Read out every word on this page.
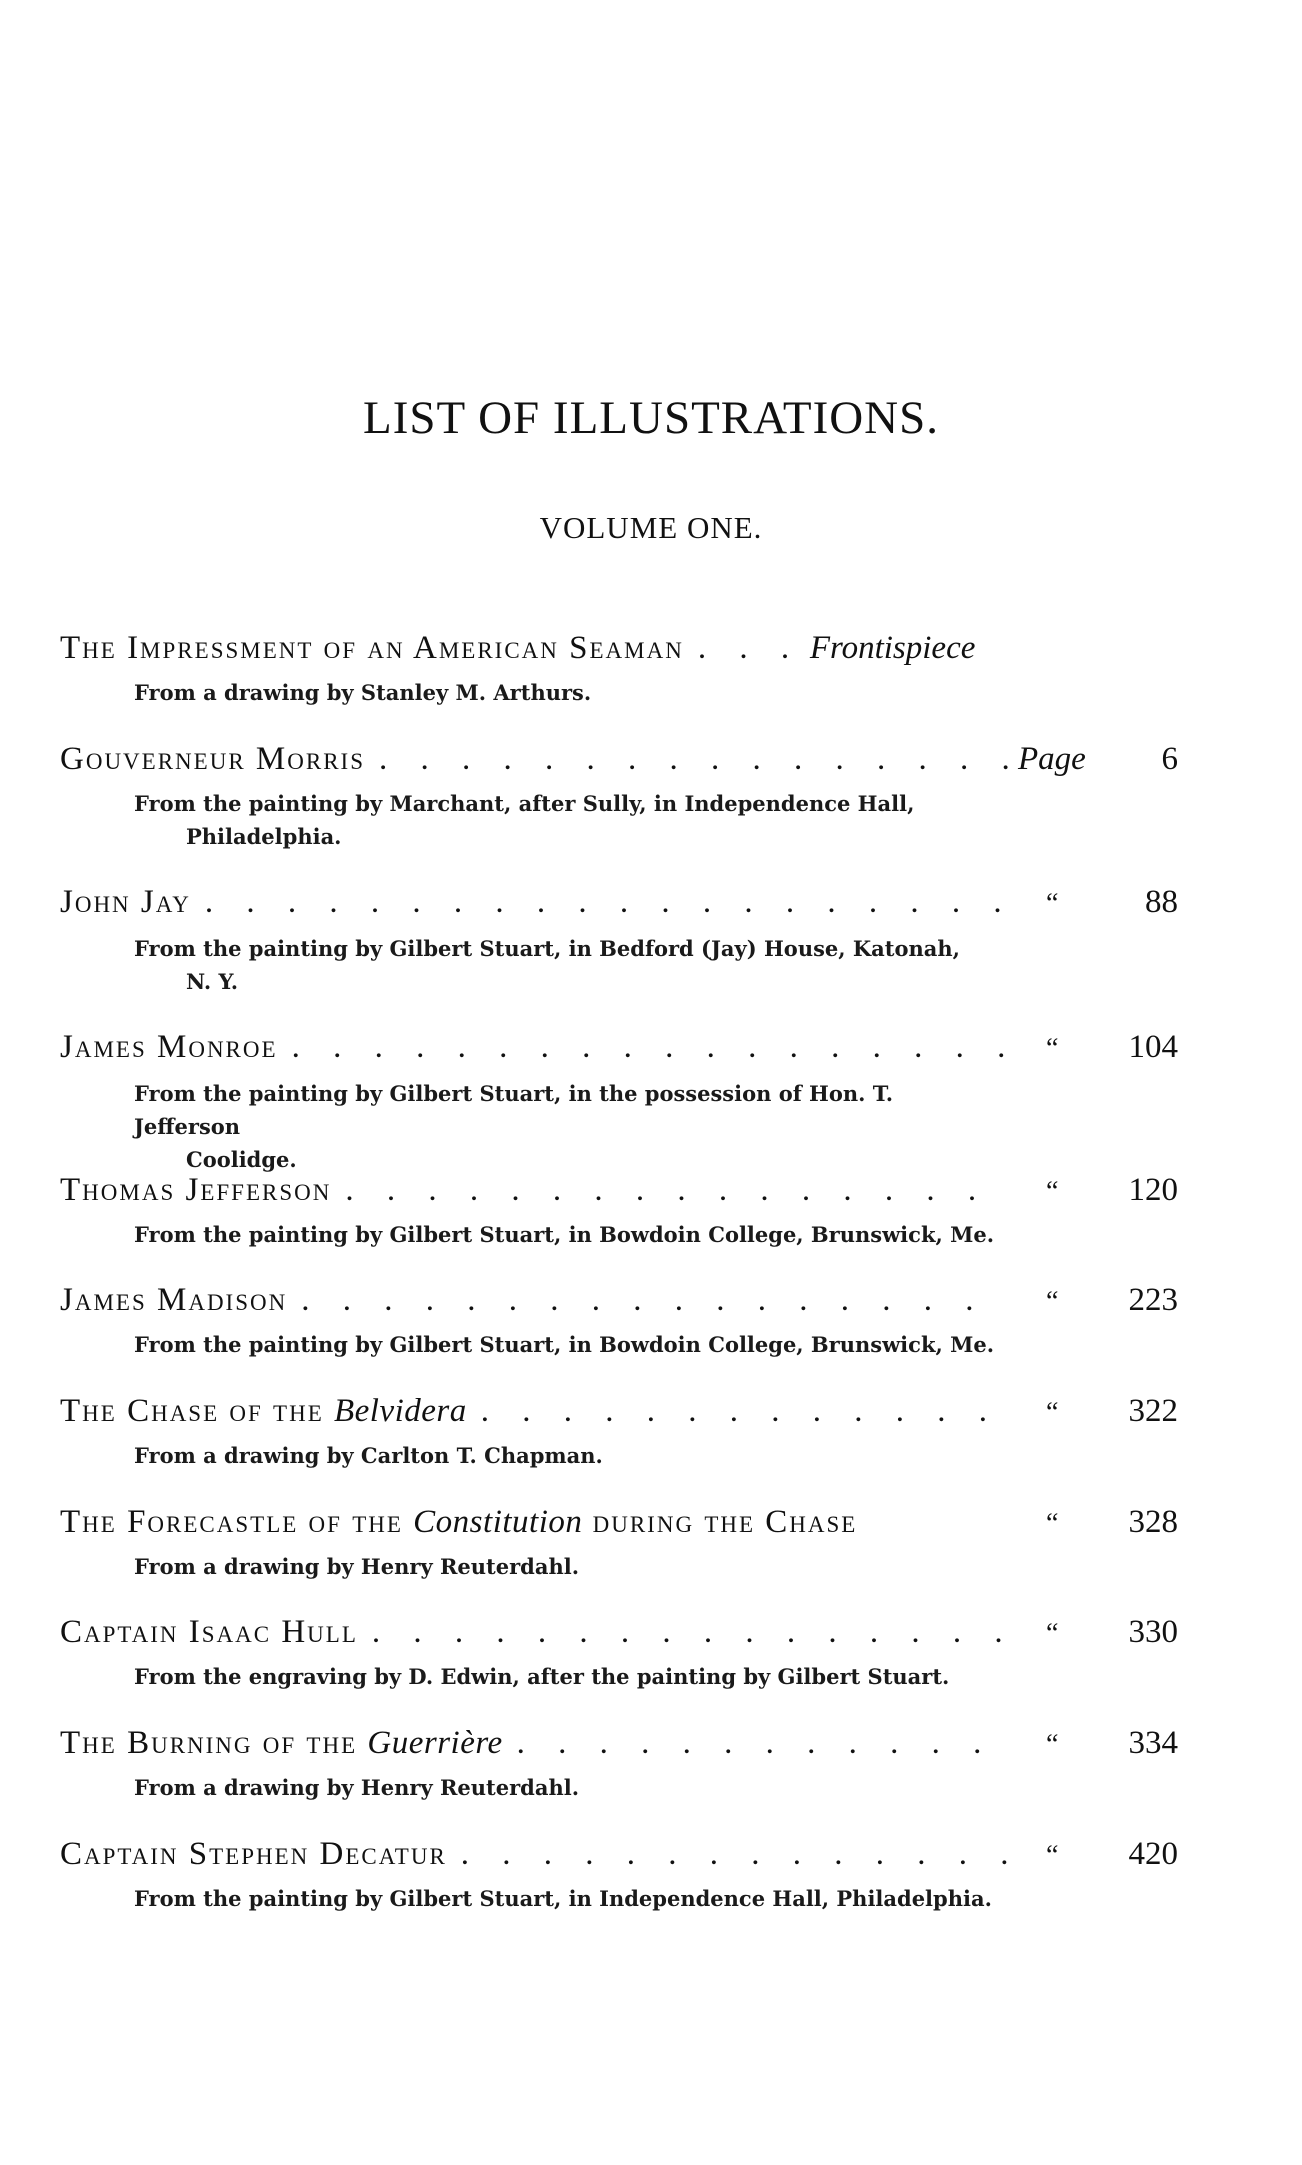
LIST OF ILLUSTRATIONS.
VOLUME ONE.
The Impressment of an American Seaman . . .	Frontispiece
From a drawing by Stanley M. Arthurs.
Gouverneur Morris . . .	Page	6
From the painting by Marchant, after Sully, in Independence Hall,
Philadelphia.
John Jay . . .	“	88
From the painting by Gilbert Stuart, in Bedford (Jay) House, Katonah,
N. Y.
James Monroe . . .	“	104
From the painting by Gilbert Stuart, in the possession of Hon. T. Jefferson
Coolidge.
Thomas Jefferson . . .	“	120
From the painting by Gilbert Stuart, in Bowdoin College, Brunswick, Me.
James Madison . . .	“	223
From the painting by Gilbert Stuart, in Bowdoin College, Brunswick, Me.
The Chase of the Belvidera . . .	“	322
From a drawing by Carlton T. Chapman.
The Forecastle of the Constitution during the Chase	“	328
From a drawing by Henry Reuterdahl.
Captain Isaac Hull . . .	“	330
From the engraving by D. Edwin, after the painting by Gilbert Stuart.
The Burning of the Guerrière . . .	“	334
From a drawing by Henry Reuterdahl.
Captain Stephen Decatur . . .	“	420
From the painting by Gilbert Stuart, in Independence Hall, Philadelphia.
